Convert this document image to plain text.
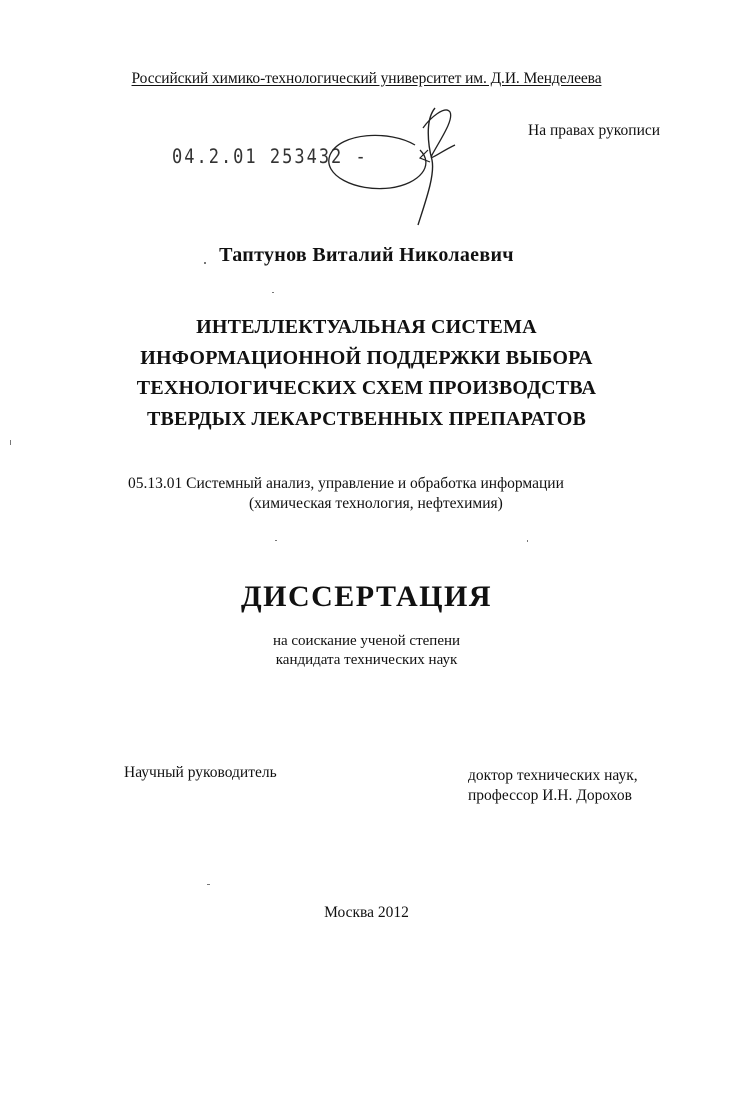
Российский химико-технологический университет им. Д.И. Менделеева
На правах рукописи
04.2.01 253432 -
Таптунов Виталий Николаевич
ИНТЕЛЛЕКТУАЛЬНАЯ СИСТЕМА
ИНФОРМАЦИОННОЙ ПОДДЕРЖКИ ВЫБОРА
ТЕХНОЛОГИЧЕСКИХ СХЕМ ПРОИЗВОДСТВА
ТВЕРДЫХ ЛЕКАРСТВЕННЫХ ПРЕПАРАТОВ
05.13.01 Системный анализ, управление и обработка информации
(химическая технология, нефтехимия)
ДИССЕРТАЦИЯ
на соискание ученой степени
кандидата технических наук
Научный руководитель	доктор технических наук,
профессор И.Н. Дорохов
Москва 2012
